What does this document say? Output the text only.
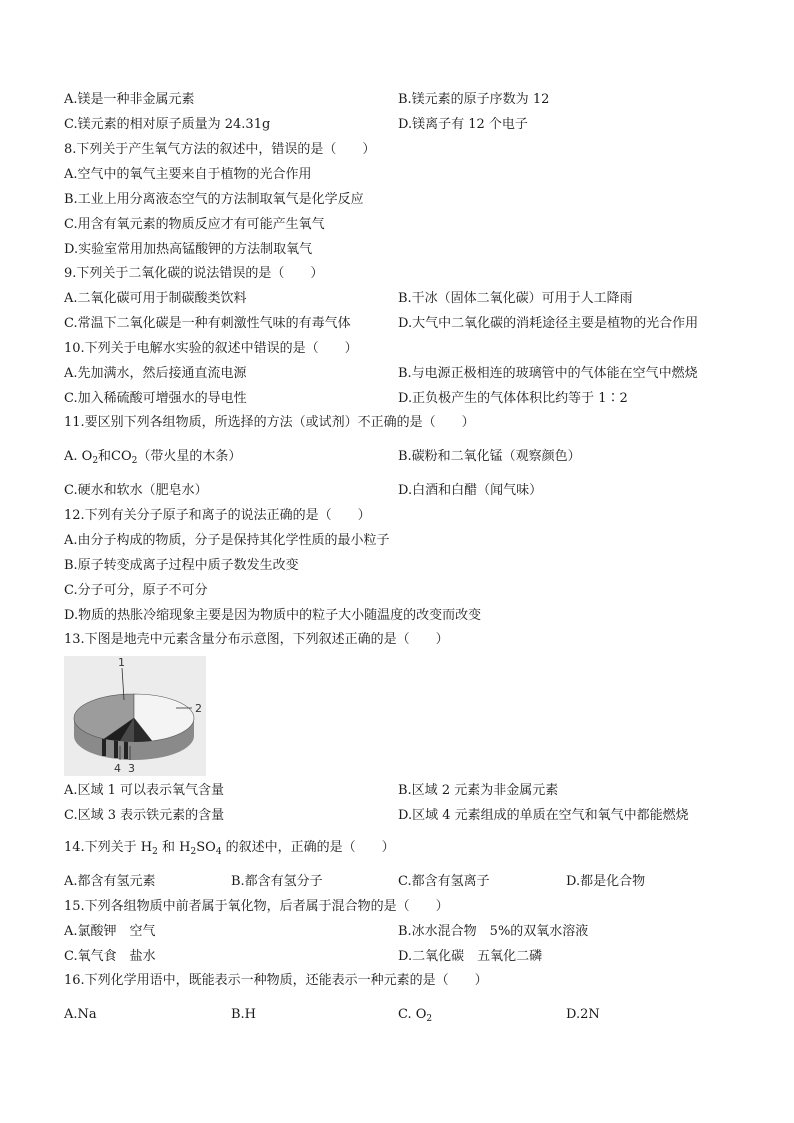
A.镁是一种非金属元素	B.镁元素的原子序数为 12
C.镁元素的相对原子质量为 24.31g	D.镁离子有 12 个电子
8.下列关于产生氧气方法的叙述中，错误的是（　　）
A.空气中的氧气主要来自于植物的光合作用
B.工业上用分离液态空气的方法制取氧气是化学反应
C.用含有氧元素的物质反应才有可能产生氧气
D.实验室常用加热高锰酸钾的方法制取氧气
9.下列关于二氧化碳的说法错误的是（　　）
A.二氧化碳可用于制碳酸类饮料	B.干冰（固体二氧化碳）可用于人工降雨
C.常温下二氧化碳是一种有刺激性气味的有毒气体	D.大气中二氧化碳的消耗途径主要是植物的光合作用
10.下列关于电解水实验的叙述中错误的是（　　）
A.先加满水，然后接通直流电源	B.与电源正极相连的玻璃管中的气体能在空气中燃烧
C.加入稀硫酸可增强水的导电性	D.正负极产生的气体体积比约等于 1∶2
11.要区别下列各组物质，所选择的方法（或试剂）不正确的是（　　）
A. $O_2$和$CO_2$（带火星的木条）	B.碳粉和二氧化锰（观察颜色）
C.硬水和软水（肥皂水）	D.白酒和白醋（闻气味）
12.下列有关分子原子和离子的说法正确的是（　　）
A.由分子构成的物质，分子是保持其化学性质的最小粒子
B.原子转变成离子过程中质子数发生改变
C.分子可分，原子不可分
D.物质的热胀冷缩现象主要是因为物质中的粒子大小随温度的改变而改变
13.下图是地壳中元素含量分布示意图，下列叙述正确的是（　　）
1
2
4 3
A.区域 1 可以表示氧气含量	B.区域 2 元素为非金属元素
C.区域 3 表示铁元素的含量	D.区域 4 元素组成的单质在空气和氧气中都能燃烧
14.下列关于 $H_2$ 和 $H_2SO_4$ 的叙述中，正确的是（　　）
A.都含有氢元素	B.都含有氢分子	C.都含有氢离子	D.都是化合物
15.下列各组物质中前者属于氧化物，后者属于混合物的是（　　）
A.氯酸钾　空气	B.冰水混合物　5%的双氧水溶液
C.氧气食　盐水	D.二氧化碳　五氧化二磷
16.下列化学用语中，既能表示一种物质，还能表示一种元素的是（　　）
A.Na	B.H	C. $O_2$	D.2N
